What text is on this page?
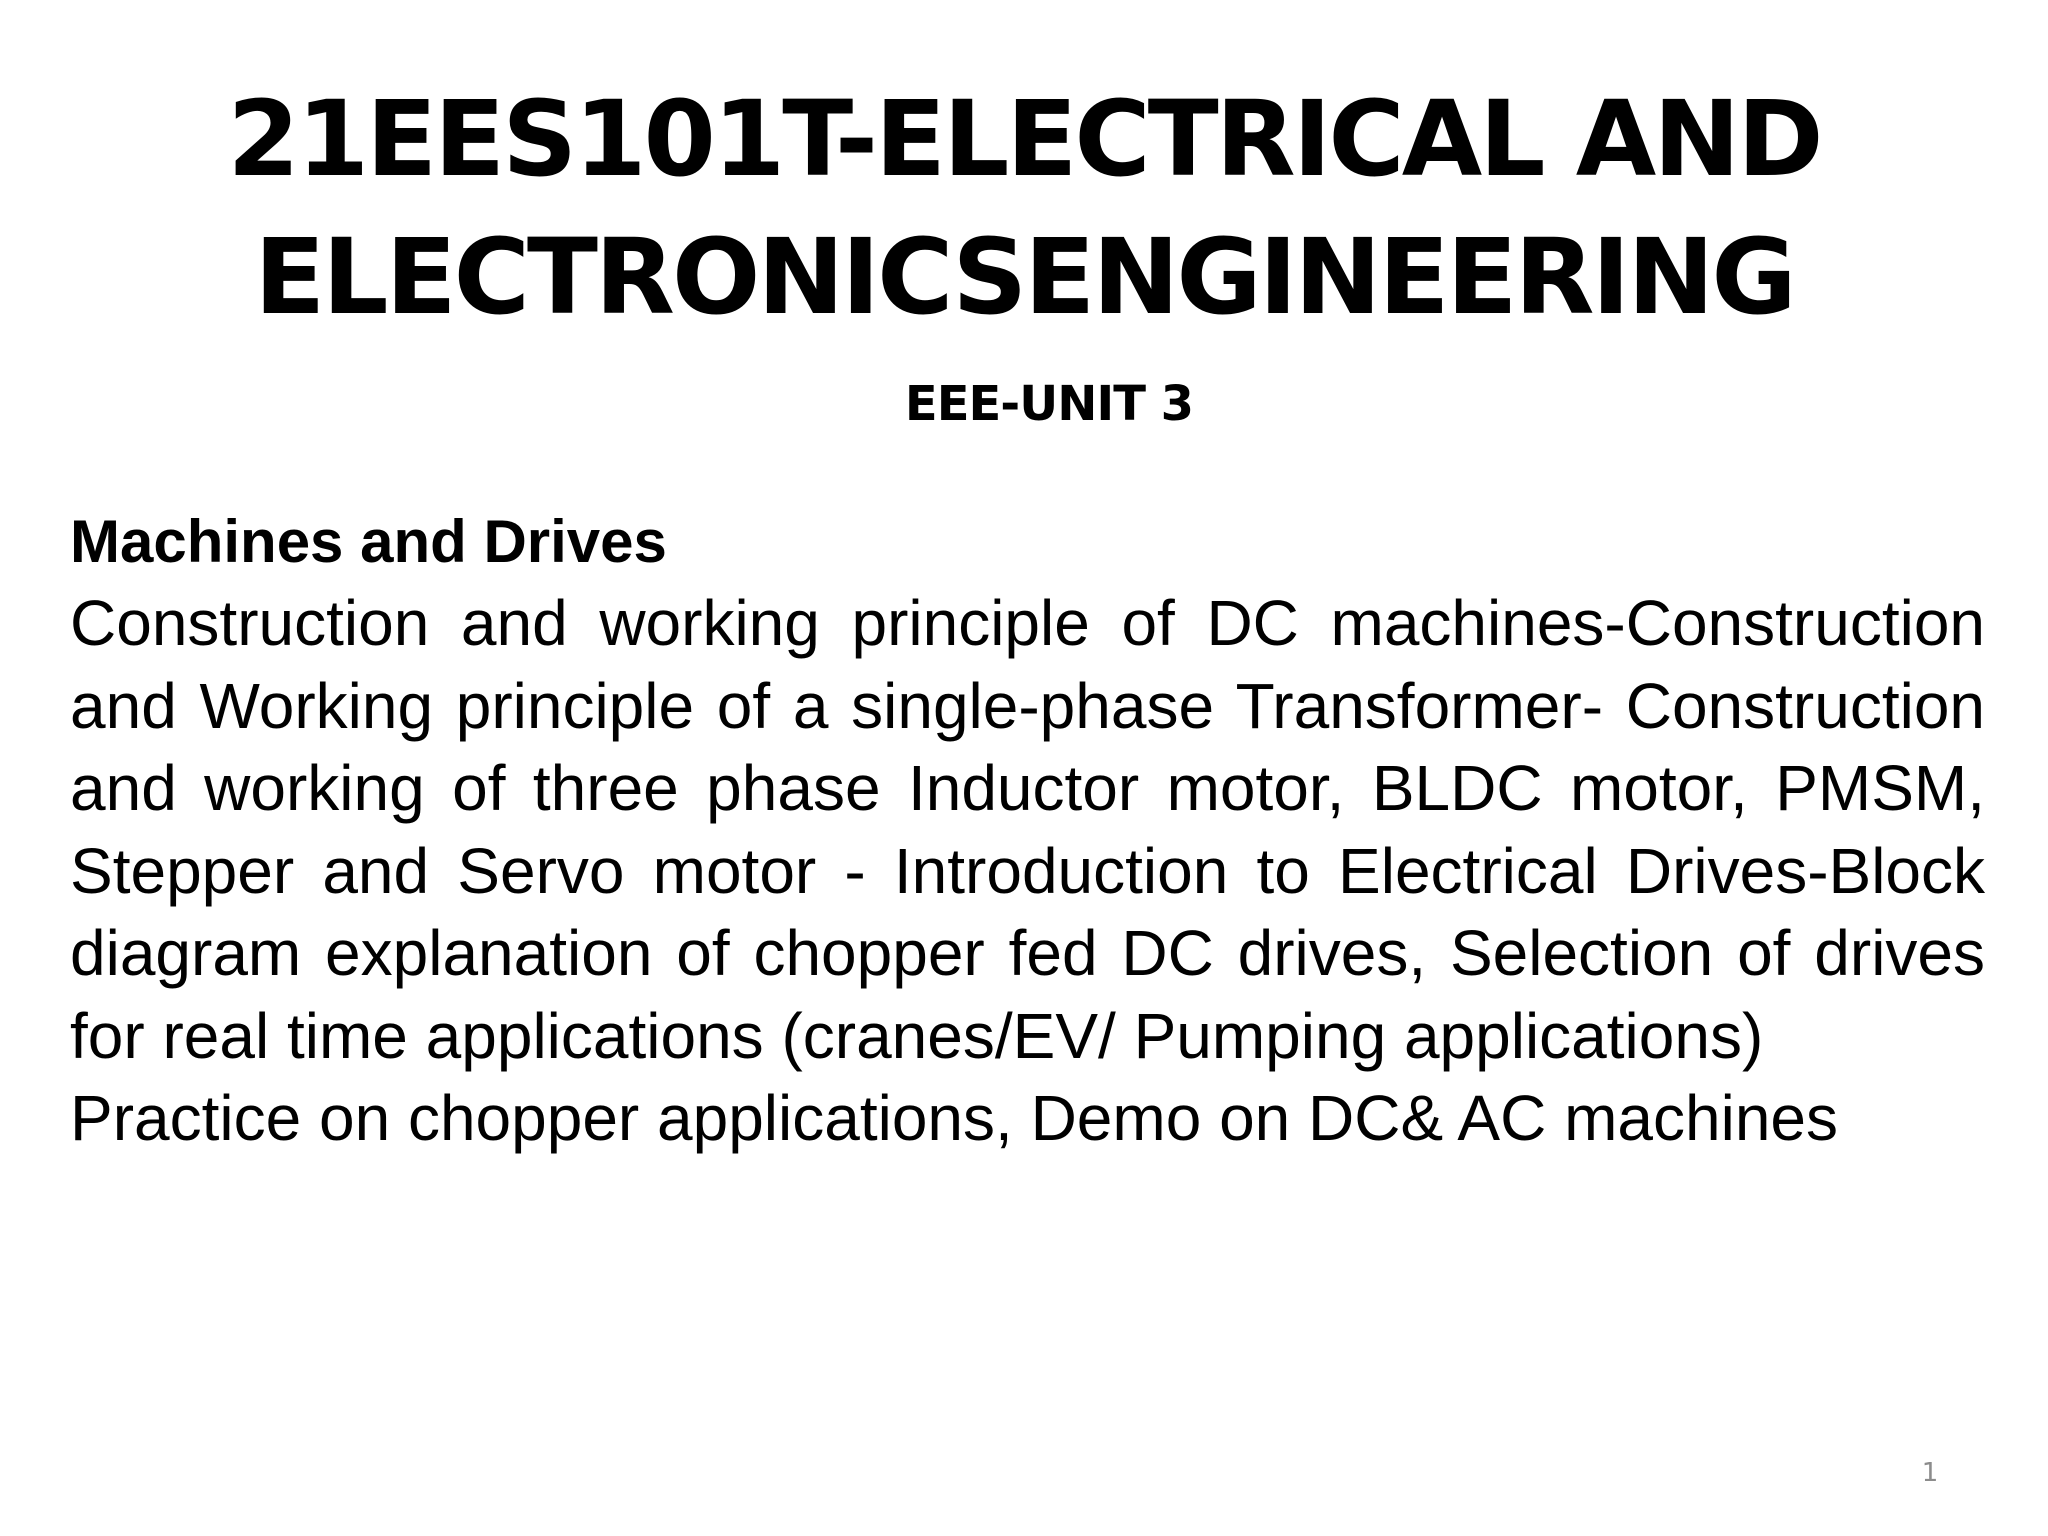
21EES101T-ELECTRICAL AND
ELECTRONICSENGINEERING
EEE-UNIT 3

Machines and Drives

Construction and working principle of DC machines-Construction and Working principle of a single-phase Transformer- Construction and working of three phase Inductor motor, BLDC motor, PMSM, Stepper and Servo motor - Introduction to Electrical Drives-Block diagram explanation of chopper fed DC drives, Selection of drives for real time applications (cranes/EV/ Pumping applications)

Practice on chopper applications, Demo on DC& AC machines

1
